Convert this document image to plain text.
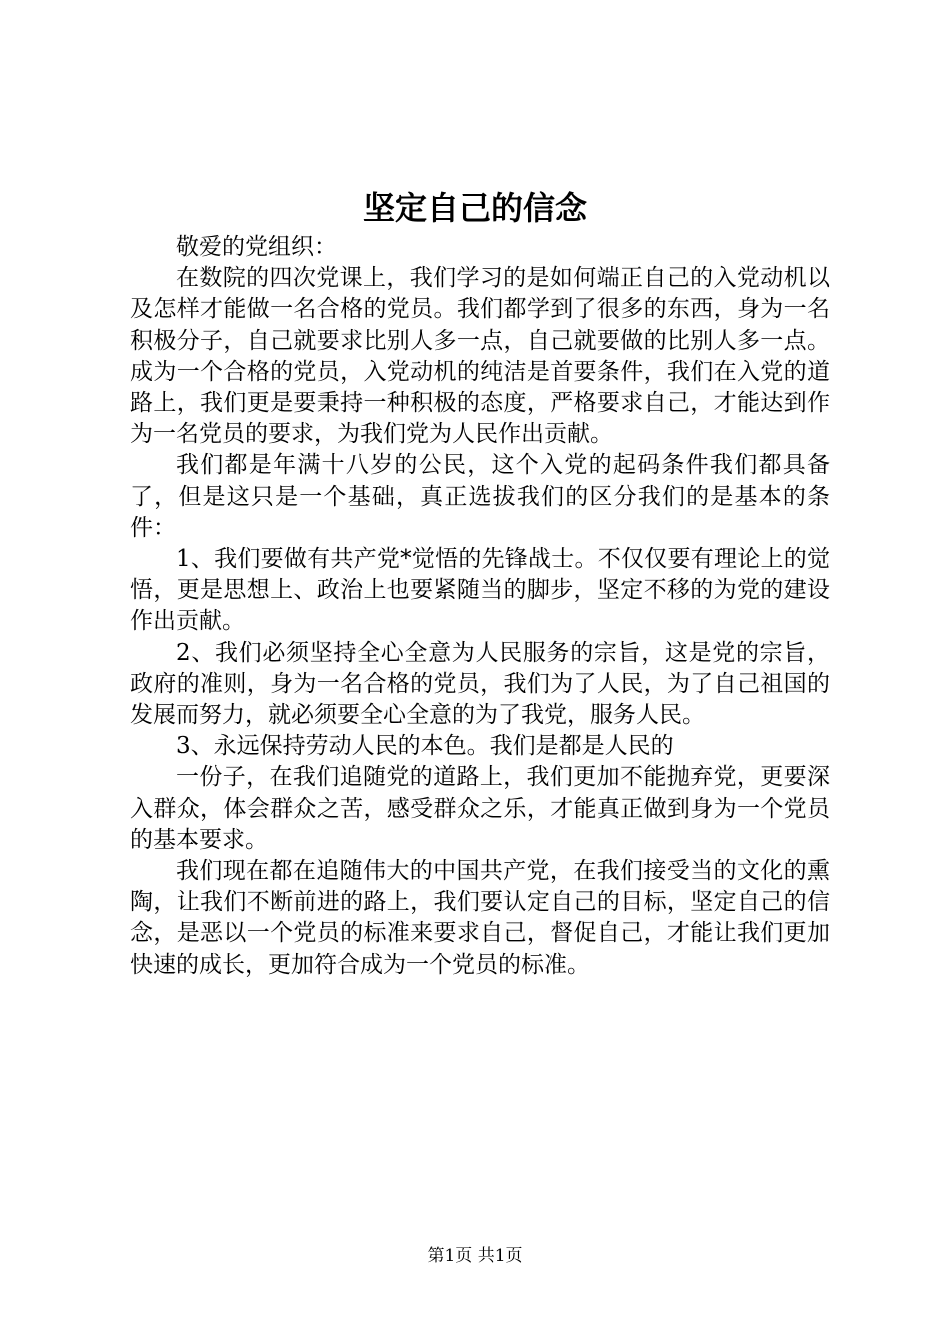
坚定自己的信念

敬爱的党组织：

在数院的四次党课上，我们学习的是如何端正自己的入党动机以及怎样才能做一名合格的党员。我们都学到了很多的东西，身为一名积极分子，自己就要求比别人多一点，自己就要做的比别人多一点。成为一个合格的党员，入党动机的纯洁是首要条件，我们在入党的道路上，我们更是要秉持一种积极的态度，严格要求自己，才能达到作为一名党员的要求，为我们党为人民作出贡献。

我们都是年满十八岁的公民，这个入党的起码条件我们都具备了，但是这只是一个基础，真正选拔我们的区分我们的是基本的条件：

1、我们要做有共产党*觉悟的先锋战士。不仅仅要有理论上的觉悟，更是思想上、政治上也要紧随当的脚步，坚定不移的为党的建设作出贡献。

2、我们必须坚持全心全意为人民服务的宗旨，这是党的宗旨，政府的准则，身为一名合格的党员，我们为了人民，为了自己祖国的发展而努力，就必须要全心全意的为了我党，服务人民。

3、永远保持劳动人民的本色。我们是都是人民的

一份子，在我们追随党的道路上，我们更加不能抛弃党，更要深入群众，体会群众之苦，感受群众之乐，才能真正做到身为一个党员的基本要求。

我们现在都在追随伟大的中国共产党，在我们接受当的文化的熏陶，让我们不断前进的路上，我们要认定自己的目标，坚定自己的信念，是恶以一个党员的标准来要求自己，督促自己，才能让我们更加快速的成长，更加符合成为一个党员的标准。

第1页 共1页
